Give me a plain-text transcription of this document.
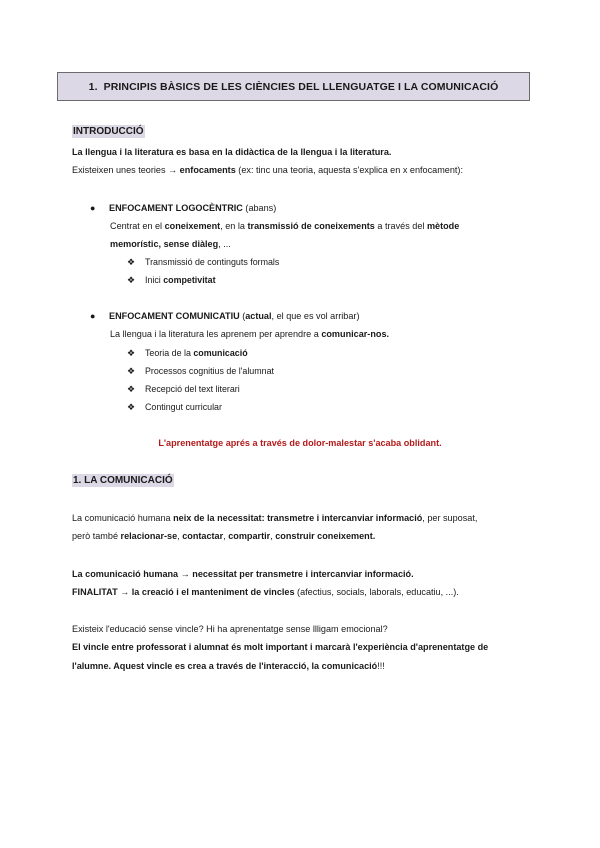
1. PRINCIPIS BÀSICS DE LES CIÈNCIES DEL LLENGUATGE I LA COMUNICACIÓ
INTRODUCCIÓ
La llengua i la literatura es basa en la didàctica de la llengua i la literatura.
Existeixen unes teories → enfocaments (ex: tinc una teoria, aquesta s'explica en x enfocament):
● ENFOCAMENT LOGOCÈNTRIC (abans)
Centrat en el coneixement, en la transmissió de coneixements a través del mètode
memorístic, sense diàleg, ...
❖ Transmissió de continguts formals
❖ Inici competivitat
● ENFOCAMENT COMUNICATIU (actual, el que es vol arribar)
La llengua i la literatura les aprenem per aprendre a comunicar-nos.
❖ Teoria de la comunicació
❖ Processos cognitius de l'alumnat
❖ Recepció del text literari
❖ Contingut curricular
L'aprenentatge aprés a través de dolor-malestar s'acaba oblidant.
1. LA COMUNICACIÓ
La comunicació humana neix de la necessitat: transmetre i intercanviar informació, per suposat,
però també relacionar-se, contactar, compartir, construir coneixement.
La comunicació humana → necessitat per transmetre i intercanviar informació.
FINALITAT → la creació i el manteniment de vincles (afectius, socials, laborals, educatiu, ...).
Existeix l'educació sense vincle? Hi ha aprenentatge sense llligam emocional?
El vincle entre professorat i alumnat és molt important i marcarà l'experiència d'aprenentatge de
l'alumne. Aquest vincle es crea a través de l'interacció, la comunicació!!!
